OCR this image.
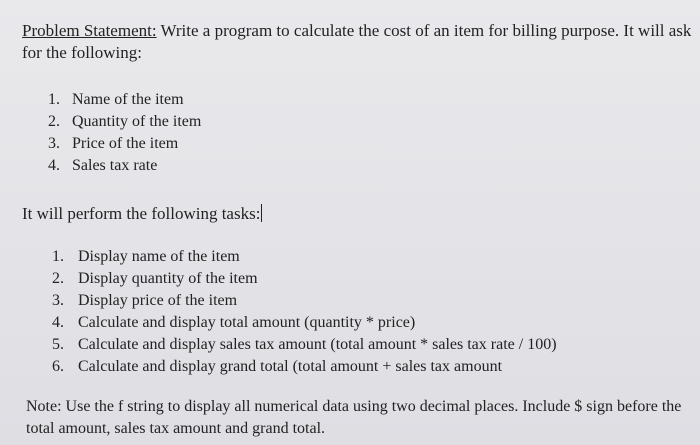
Problem Statement: Write a program to calculate the cost of an item for billing purpose. It will ask for the following:
1. Name of the item
2. Quantity of the item
3. Price of the item
4. Sales tax rate
It will perform the following tasks:
1. Display name of the item
2. Display quantity of the item
3. Display price of the item
4. Calculate and display total amount (quantity * price)
5. Calculate and display sales tax amount (total amount * sales tax rate / 100)
6. Calculate and display grand total (total amount + sales tax amount
Note: Use the f string to display all numerical data using two decimal places. Include $ sign before the total amount, sales tax amount and grand total.
